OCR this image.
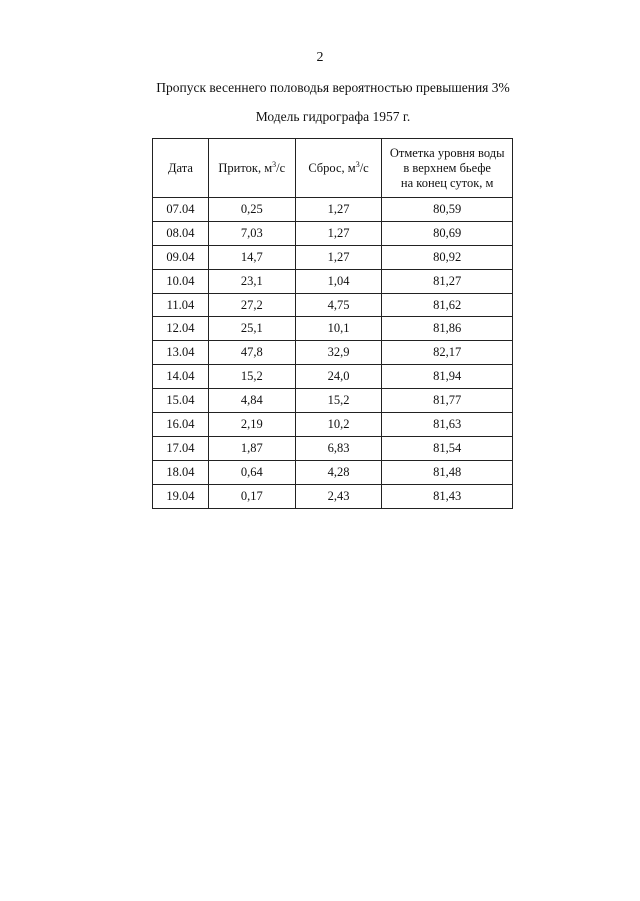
2
Пропуск весеннего половодья вероятностью превышения 3%
Модель гидрографа 1957 г.
Дата	Приток, $м^3/с$	Сброс, $м^3/с$	Отметка уровня воды
в верхнем бьефе
на конец суток, м
07.04	0,25	1,27	80,59
08.04	7,03	1,27	80,69
09.04	14,7	1,27	80,92
10.04	23,1	1,04	81,27
11.04	27,2	4,75	81,62
12.04	25,1	10,1	81,86
13.04	47,8	32,9	82,17
14.04	15,2	24,0	81,94
15.04	4,84	15,2	81,77
16.04	2,19	10,2	81,63
17.04	1,87	6,83	81,54
18.04	0,64	4,28	81,48
19.04	0,17	2,43	81,43
